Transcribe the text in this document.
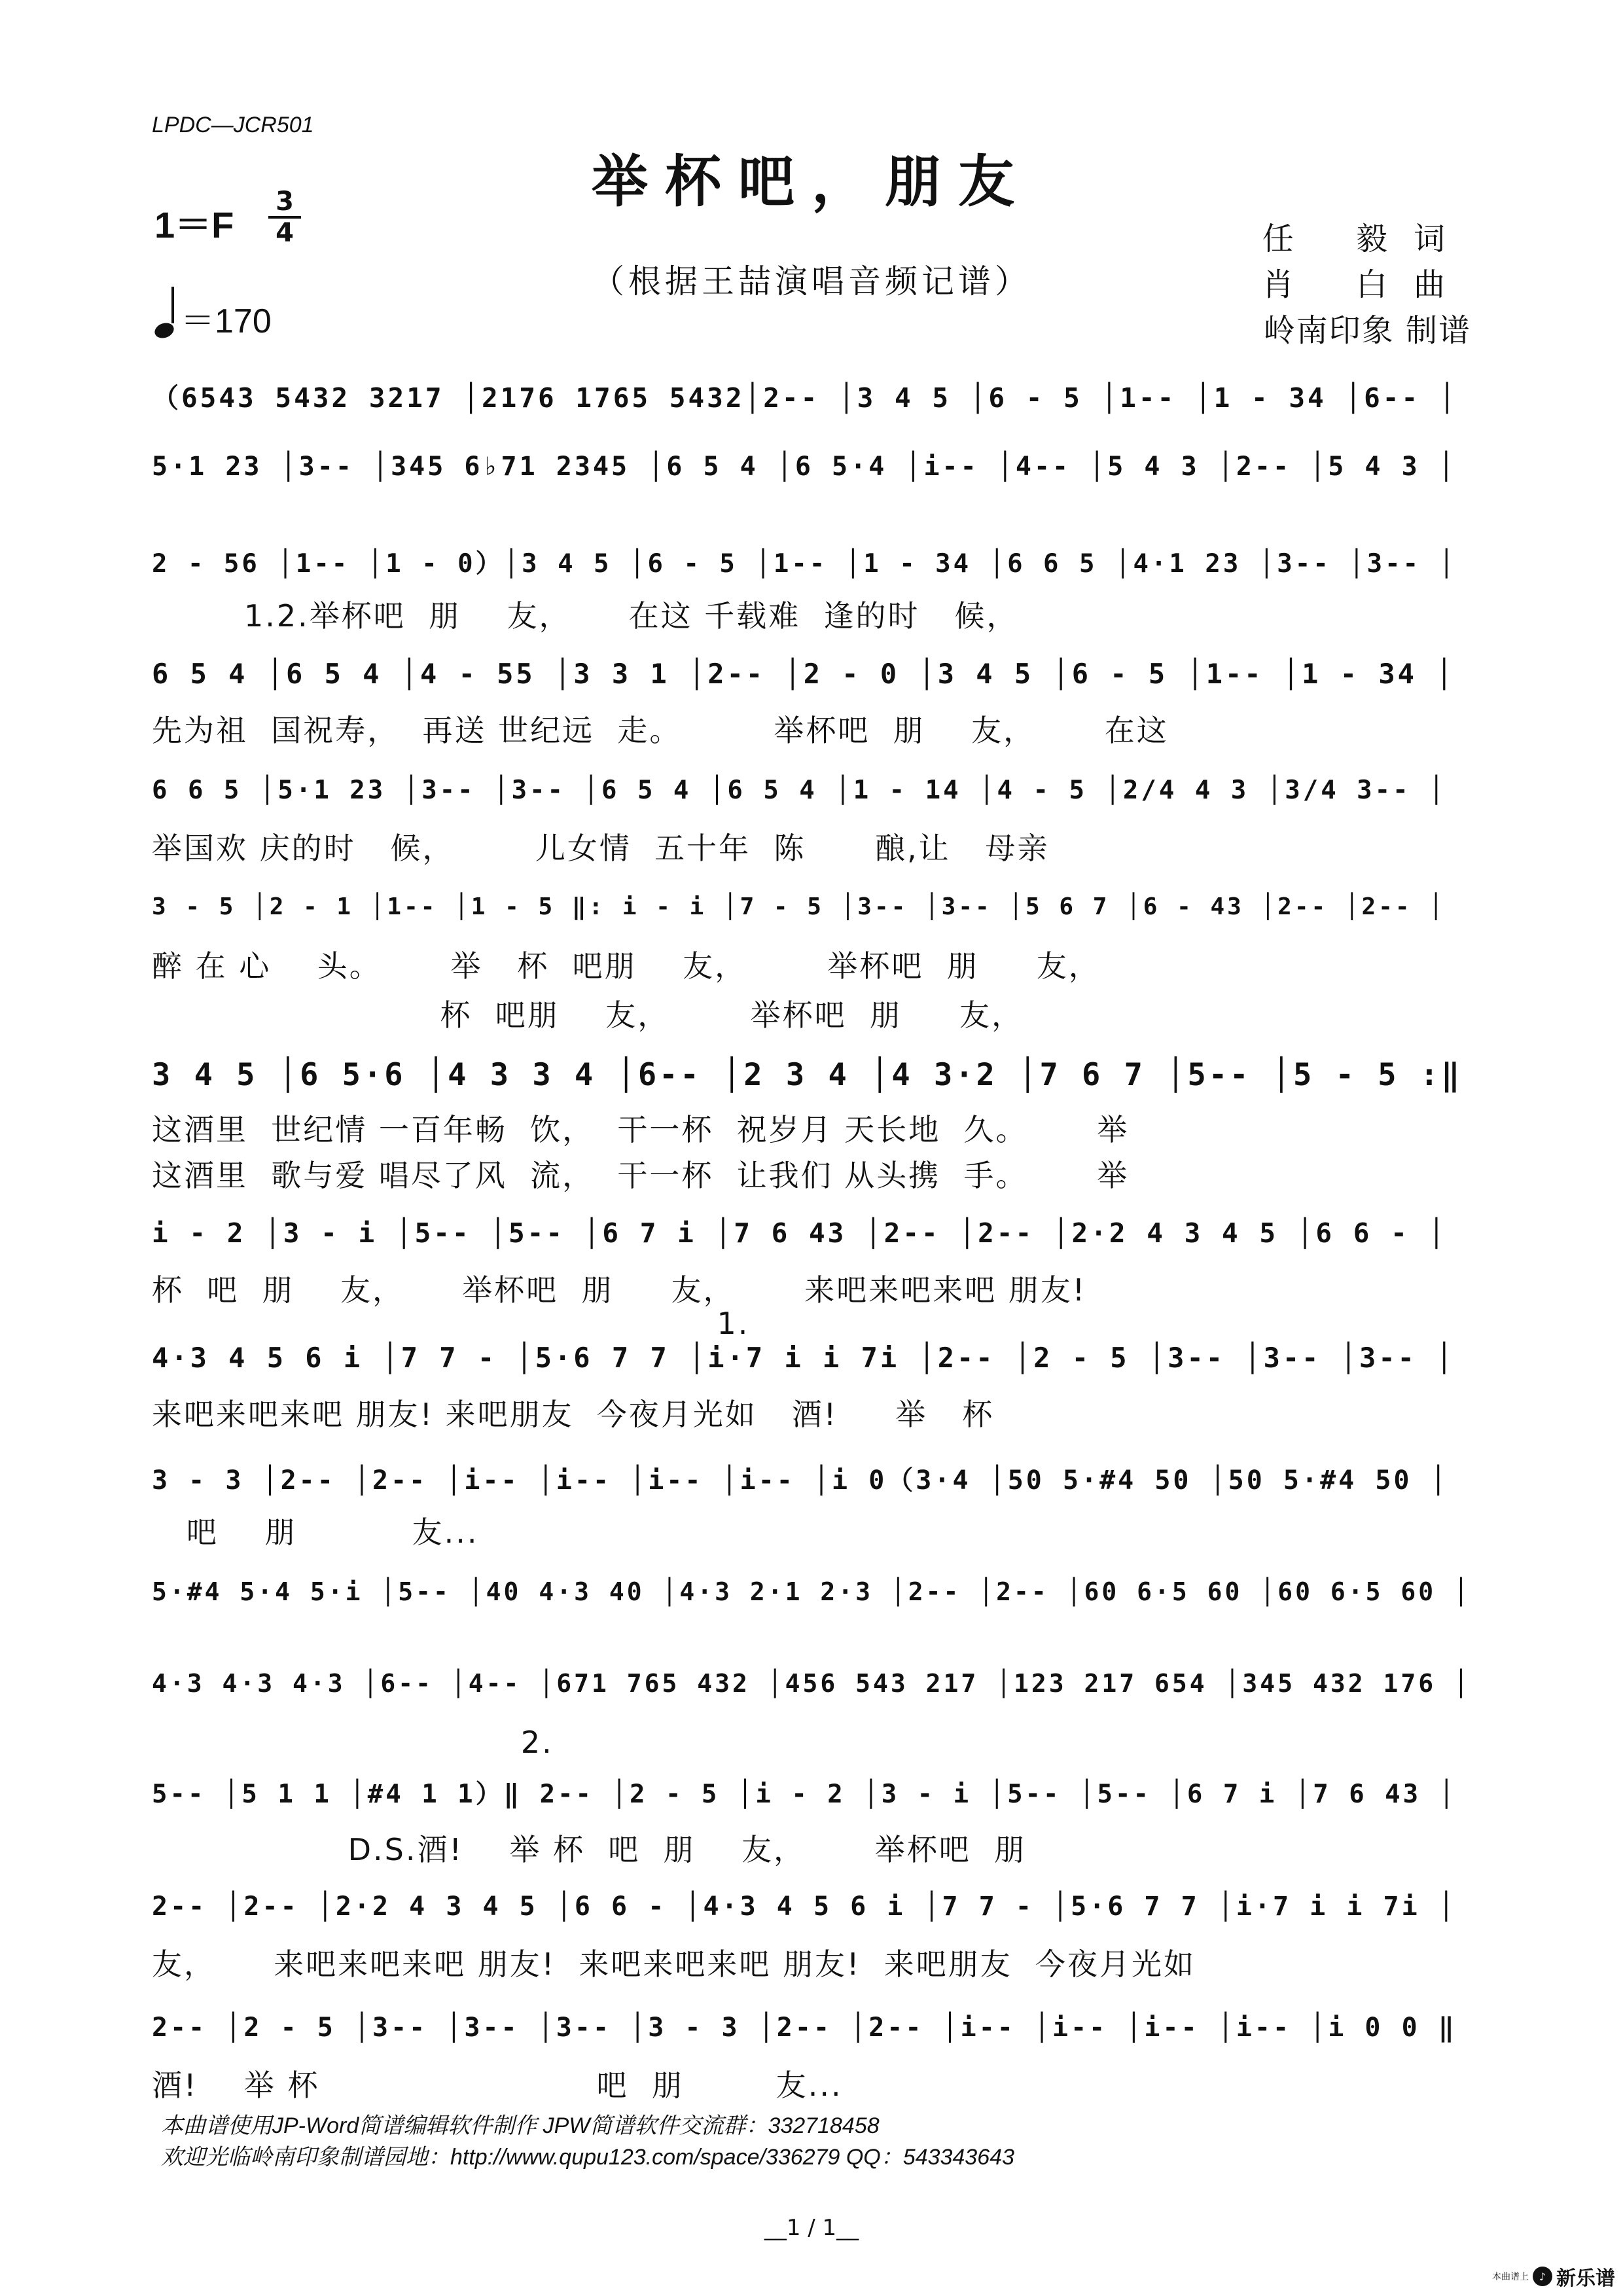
LPDC—JCR501
举杯吧，朋友
（根据王喆演唱音频记谱）
1＝F
3
4
＝170
任 毅词
肖 白曲
岭南印象 制谱
（6543 5432 3217 │2176 1765 5432│2-- │3 4 5 │6 - 5 │1-- │1 - 34 │6-- │
5·1 23 │3-- │345 6♭71 2345 │6 5 4 │6 5·4 │i-- │4-- │5 4 3 │2-- │5 4 3 │
2 - 56 │1-- │1 - 0）│3 4 5 │6 - 5 │1-- │1 - 34 │6 6 5 │4·1 23 │3-- │3-- │
1.2.举杯吧  朋    友，     在这 千载难  逢的时   候，
6 5 4 │6 5 4 │4 - 55 │3 3 1 │2-- │2 - 0 │3 4 5 │6 - 5 │1-- │1 - 34 │
先为祖  国祝寿，  再送 世纪远  走。        举杯吧  朋    友，      在这
6 6 5 │5·1 23 │3-- │3-- │6 5 4 │6 5 4 │1 - 14 │4 - 5 │2/4 4 3 │3/4 3-- │
举国欢 庆的时   候，       儿女情  五十年  陈      酿,让   母亲
3 - 5 │2 - 1 │1-- │1 - 5 ‖: i - i │7 - 5 │3-- │3-- │5 6 7 │6 - 43 │2-- │2-- │
醉 在 心    头。      举   杯  吧朋    友，       举杯吧  朋     友，
杯  吧朋    友，       举杯吧  朋     友，
3 4 5 │6 5·6 │4 3 3 4 │6-- │2 3 4 │4 3·2 │7 6 7 │5-- │5 - 5 :‖
这酒里  世纪情 一百年畅  饮，  干一杯  祝岁月 天长地  久。      举
这酒里  歌与爱 唱尽了风  流，  干一杯  让我们 从头携  手。      举
i - 2 │3 - i │5-- │5-- │6 7 i │7 6 43 │2-- │2-- │2·2 4 3 4 5 │6 6 - │
杯  吧  朋    友，     举杯吧  朋     友，      来吧来吧来吧 朋友!
1.
4·3 4 5 6 i │7 7 - │5·6 7 7 │i·7 i i 7i │2-- │2 - 5 │3-- │3-- │3-- │
来吧来吧来吧 朋友! 来吧朋友  今夜月光如   酒!     举   杯
3 - 3 │2-- │2-- │i-- │i-- │i-- │i-- │i 0（3·4 │50 5·#4 50 │50 5·#4 50 │
吧    朋          友...
5·#4 5·4 5·i │5-- │40 4·3 40 │4·3 2·1 2·3 │2-- │2-- │60 6·5 60 │60 6·5 60 │
4·3 4·3 4·3 │6-- │4-- │671 765 432 │456 543 217 │123 217 654 │345 432 176 │
2.
5-- │5 1 1 │#4 1 1）‖ 2-- │2 - 5 │i - 2 │3 - i │5-- │5-- │6 7 i │7 6 43 │
D.S.酒!    举 杯  吧  朋    友，      举杯吧  朋
2-- │2-- │2·2 4 3 4 5 │6 6 - │4·3 4 5 6 i │7 7 - │5·6 7 7 │i·7 i i 7i │
友，     来吧来吧来吧 朋友!  来吧来吧来吧 朋友!  来吧朋友  今夜月光如
2-- │2 - 5 │3-- │3-- │3-- │3 - 3 │2-- │2-- │i-- │i-- │i-- │i-- │i 0 0 ‖
酒!    举 杯                        吧  朋        友...
本曲谱使用JP-Word简谱编辑软件制作 JPW简谱软件交流群：332718458
欢迎光临岭南印象制谱园地：http://www.qupu123.com/space/336279 QQ：543343643
__1 / 1__
本曲谱上 ♪ 新乐谱
